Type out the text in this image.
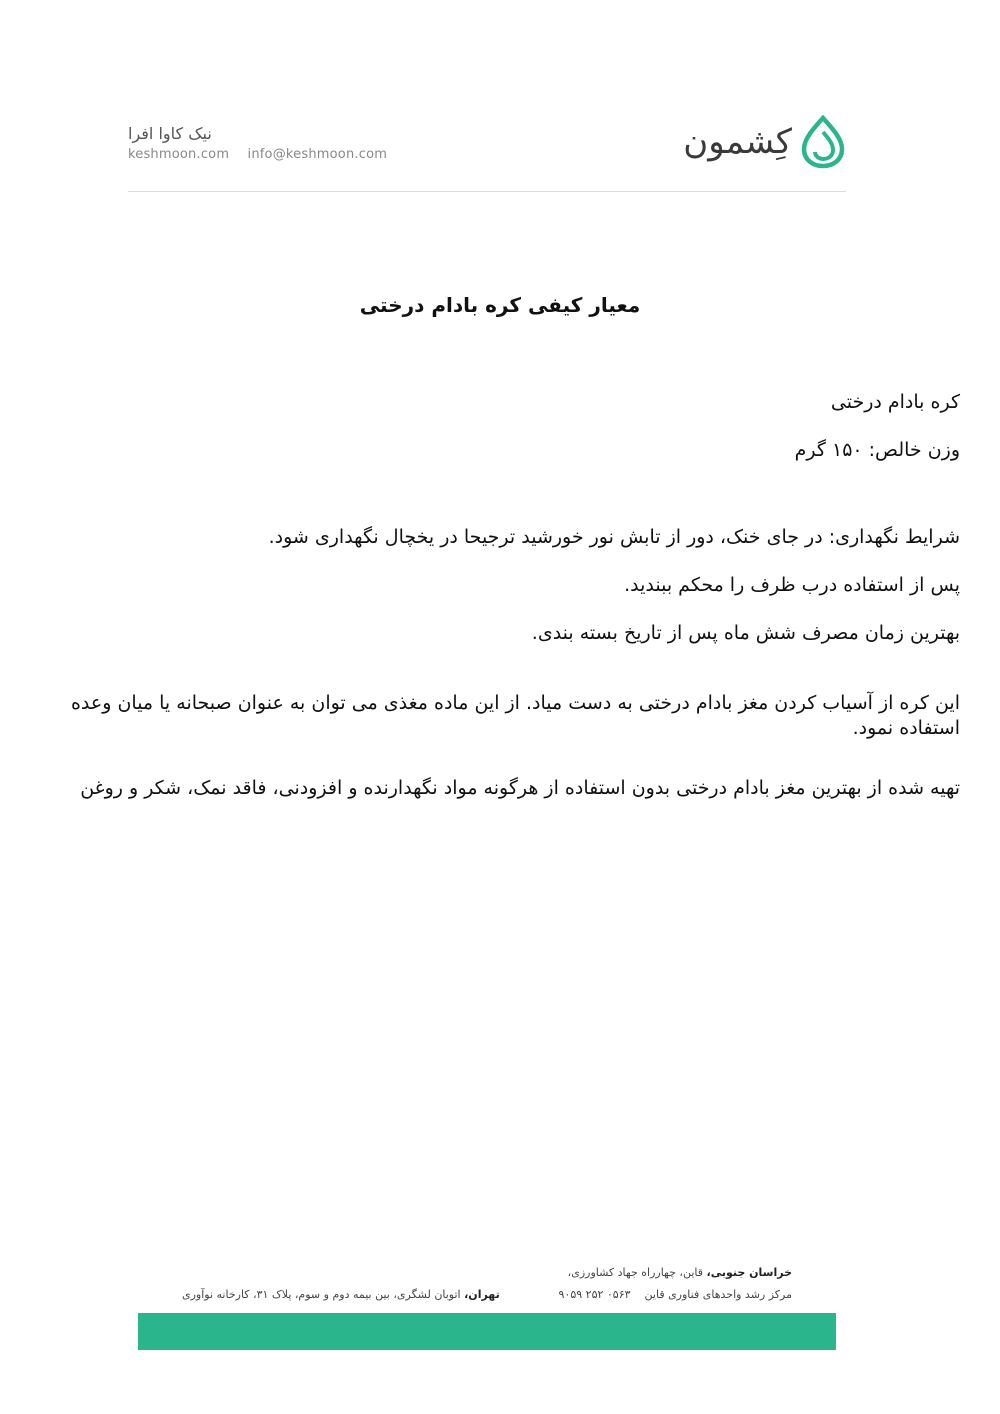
نیک کاوا افرا
keshmoon.com info@keshmoon.com	کِشمون
معیار کیفی کره بادام درختی

کره بادام درختی

وزن خالص: ۱۵۰ گرم

شرایط نگهداری: در جای خنک، دور از تابش نور خورشید ترجیحا در یخچال نگهداری شود.

پس از استفاده درب ظرف را محکم ببندید.

بهترین زمان مصرف شش ماه پس از تاریخ بسته بندی.

این کره از آسیاب کردن مغز بادام درختی به دست میاد. از این ماده مغذی می توان به عنوان صبحانه یا میان وعده استفاده نمود.

تهیه شده از بهترین مغز بادام درختی بدون استفاده از هرگونه مواد نگهدارنده و افزودنی، فاقد نمک، شکر و روغن

خراسان جنوبی، قاین، چهارراه جهاد کشاورزی،
مرکز رشد واحدهای فناوری قاین    ۰۵۶۳ ۲۵۲ ۹۰۵۹
تهران، اتوبان لشگری، بین بیمه دوم و سوم، پلاک ۳۱، کارخانه نوآوری
